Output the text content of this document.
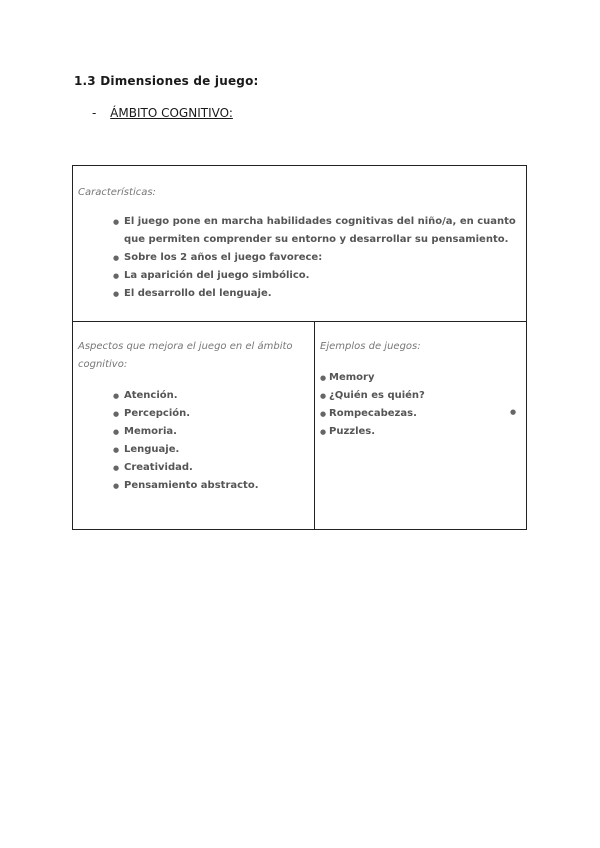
1.3 Dimensiones de juego:
- ÁMBITO COGNITIVO:
Características:
● El juego pone en marcha habilidades cognitivas del niño/a, en cuanto que permiten comprender su entorno y desarrollar su pensamiento.
● Sobre los 2 años el juego favorece:
● La aparición del juego simbólico.
● El desarrollo del lenguaje.
Aspectos que mejora el juego en el ámbito cognitivo:
● Atención.
● Percepción.
● Memoria.
● Lenguaje.
● Creatividad.
● Pensamiento abstracto.
Ejemplos de juegos:
● Memory
● ¿Quién es quién?
● Rompecabezas.
● Puzzles.
●
